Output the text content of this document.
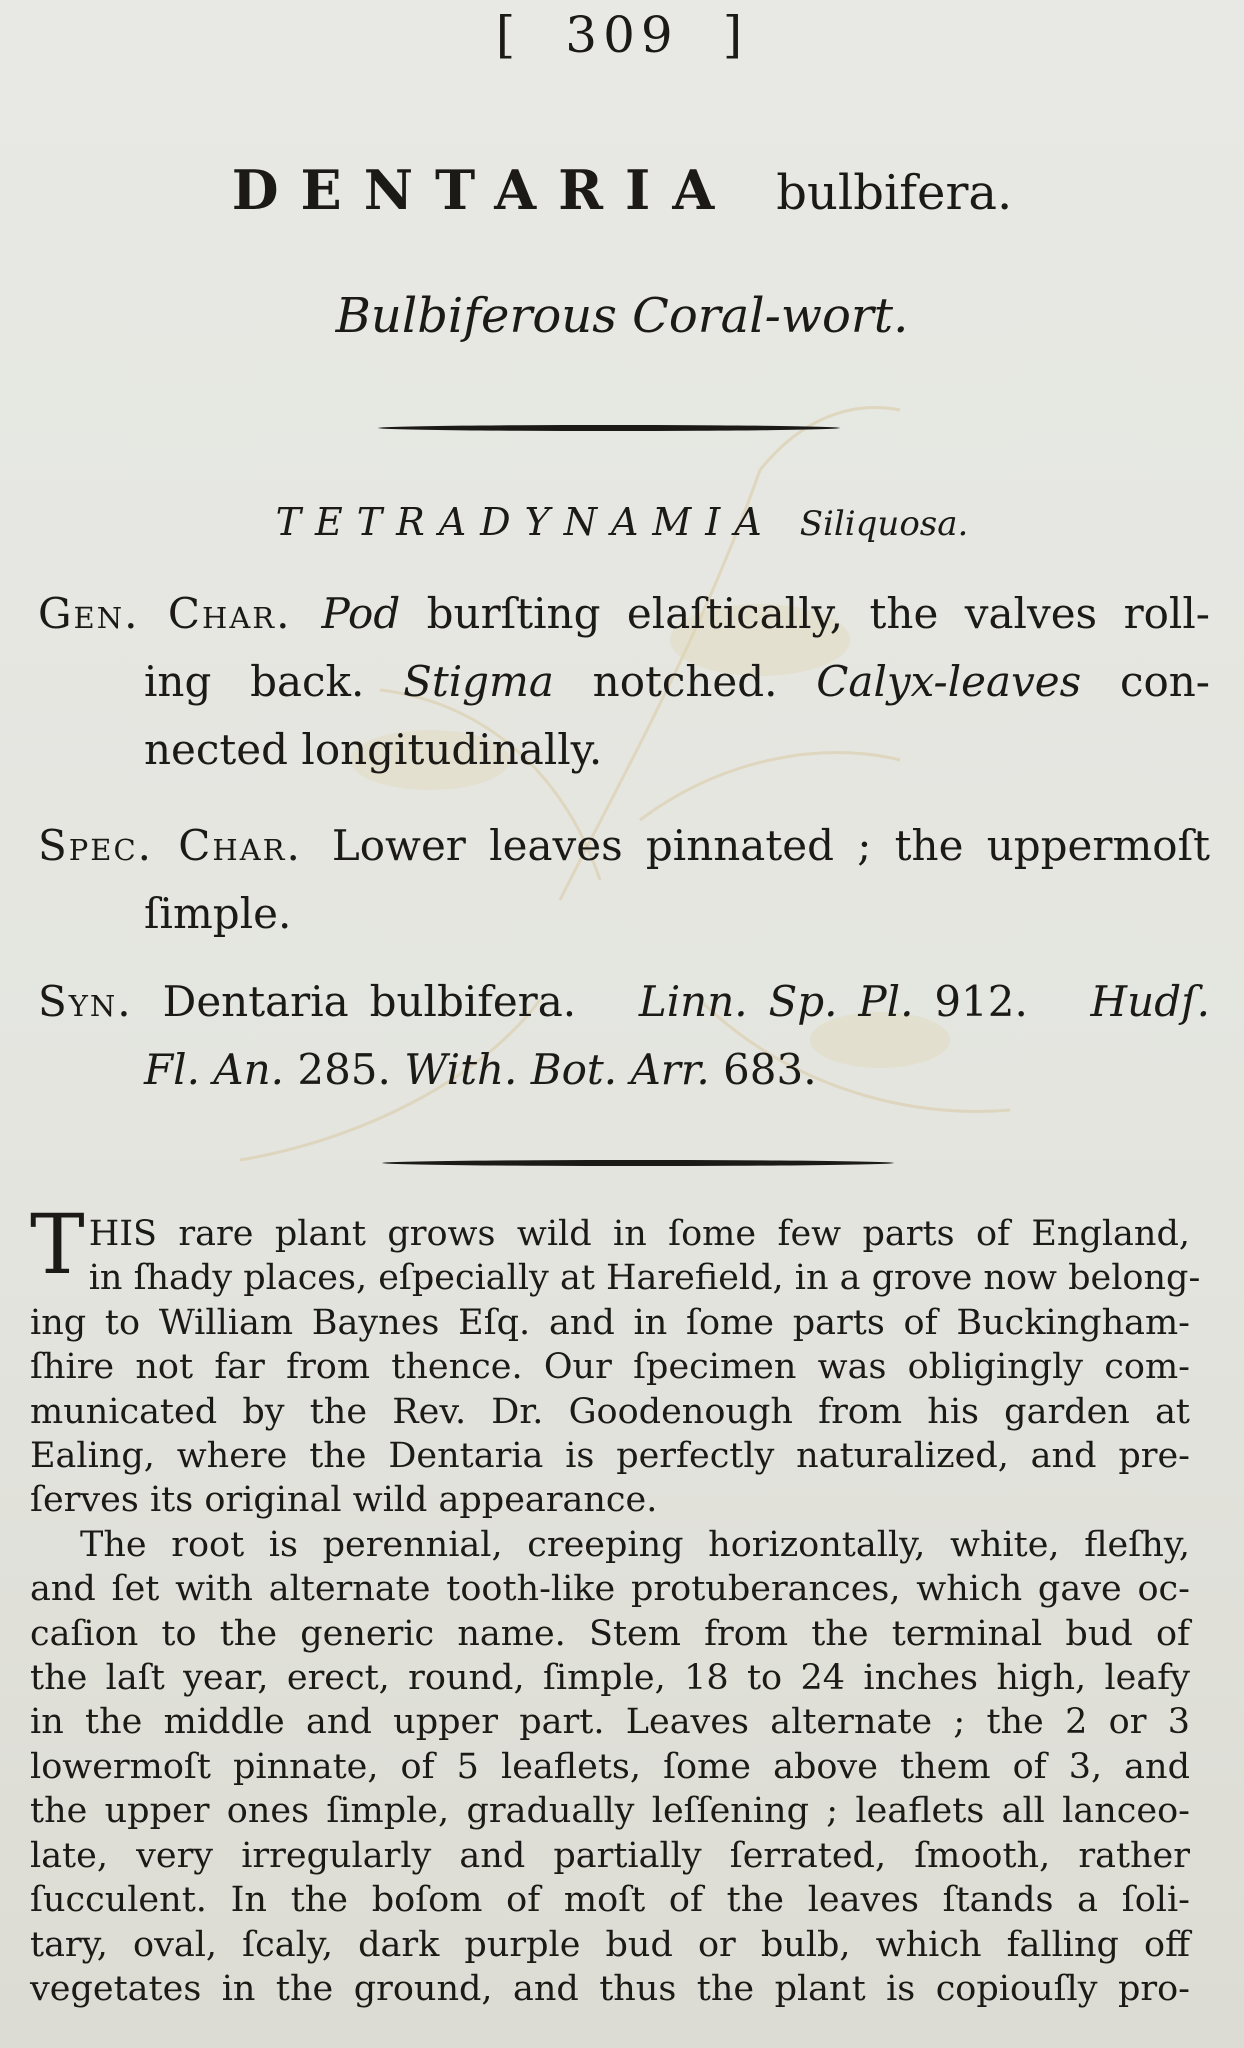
[ 309 ]
DENTARIA bulbifera.
Bulbiferous Coral-wort.
TETRADYNAMIA Siliquosa.
Gen. Char. Pod burſting elaſtically, the valves roll-
ing back. Stigma notched. Calyx-leaves con-
nected longitudinally.
Spec. Char. Lower leaves pinnated ; the uppermoſt
ſimple.
Syn. Dentaria bulbifera. Linn. Sp. Pl. 912. Hudſ.
Fl. An. 285. With. Bot. Arr. 683.
T HIS rare plant grows wild in ſome few parts of England,
in ſhady places, eſpecially at Harefield, in a grove now belong-
ing to William Baynes Eſq. and in ſome parts of Buckingham-
ſhire not far from thence. Our ſpecimen was obligingly com-
municated by the Rev. Dr. Goodenough from his garden at
Ealing, where the Dentaria is perfectly naturalized, and pre-
ſerves its original wild appearance.
The root is perennial, creeping horizontally, white, fleſhy,
and ſet with alternate tooth-like protuberances, which gave oc-
caſion to the generic name. Stem from the terminal bud of
the laſt year, erect, round, ſimple, 18 to 24 inches high, leafy
in the middle and upper part. Leaves alternate ; the 2 or 3
lowermoſt pinnate, of 5 leaflets, ſome above them of 3, and
the upper ones ſimple, gradually leſſening ; leaflets all lanceo-
late, very irregularly and partially ſerrated, ſmooth, rather
ſucculent. In the boſom of moſt of the leaves ſtands a ſoli-
tary, oval, ſcaly, dark purple bud or bulb, which falling off
vegetates in the ground, and thus the plant is copiouſly pro-
